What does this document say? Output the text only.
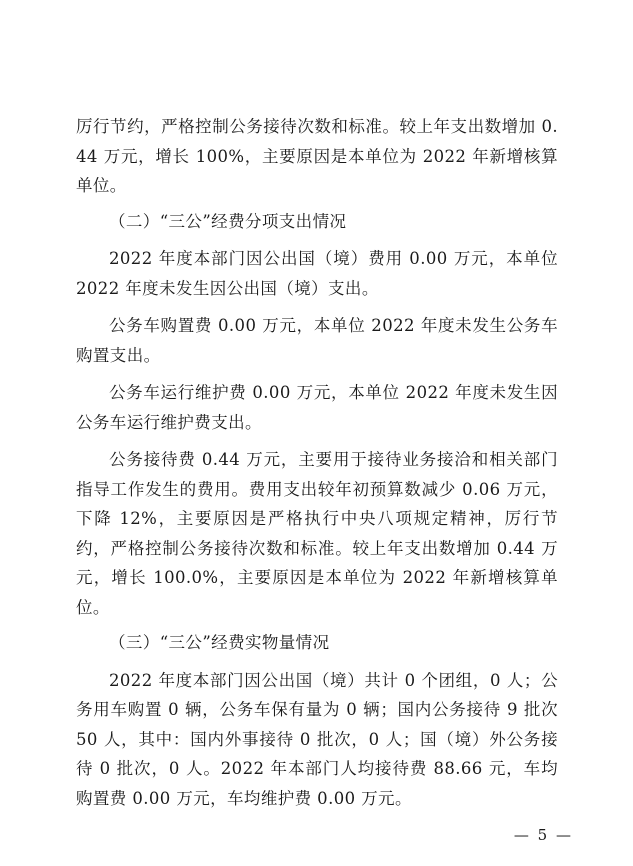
厉行节约，严格控制公务接待次数和标准。较上年支出数增加 0.44 万元，增长 100%，主要原因是本单位为 2022 年新增核算单位。

（二）“三公”经费分项支出情况

2022 年度本部门因公出国（境）费用 0.00 万元，本单位 2022 年度未发生因公出国（境）支出。

公务车购置费 0.00 万元，本单位 2022 年度未发生公务车购置支出。

公务车运行维护费 0.00 万元，本单位 2022 年度未发生因公务车运行维护费支出。

公务接待费 0.44 万元，主要用于接待业务接洽和相关部门指导工作发生的费用。费用支出较年初预算数减少 0.06 万元，下降 12%，主要原因是严格执行中央八项规定精神，厉行节约，严格控制公务接待次数和标准。较上年支出数增加 0.44 万元，增长 100.0%，主要原因是本单位为 2022 年新增核算单位。

（三）“三公”经费实物量情况

2022 年度本部门因公出国（境）共计 0 个团组，0 人；公务用车购置 0 辆，公务车保有量为 0 辆；国内公务接待 9 批次 50 人，其中：国内外事接待 0 批次，0 人；国（境）外公务接待 0 批次，0 人。2022 年本部门人均接待费 88.66 元，车均购置费 0.00 万元，车均维护费 0.00 万元。

— 5 —
